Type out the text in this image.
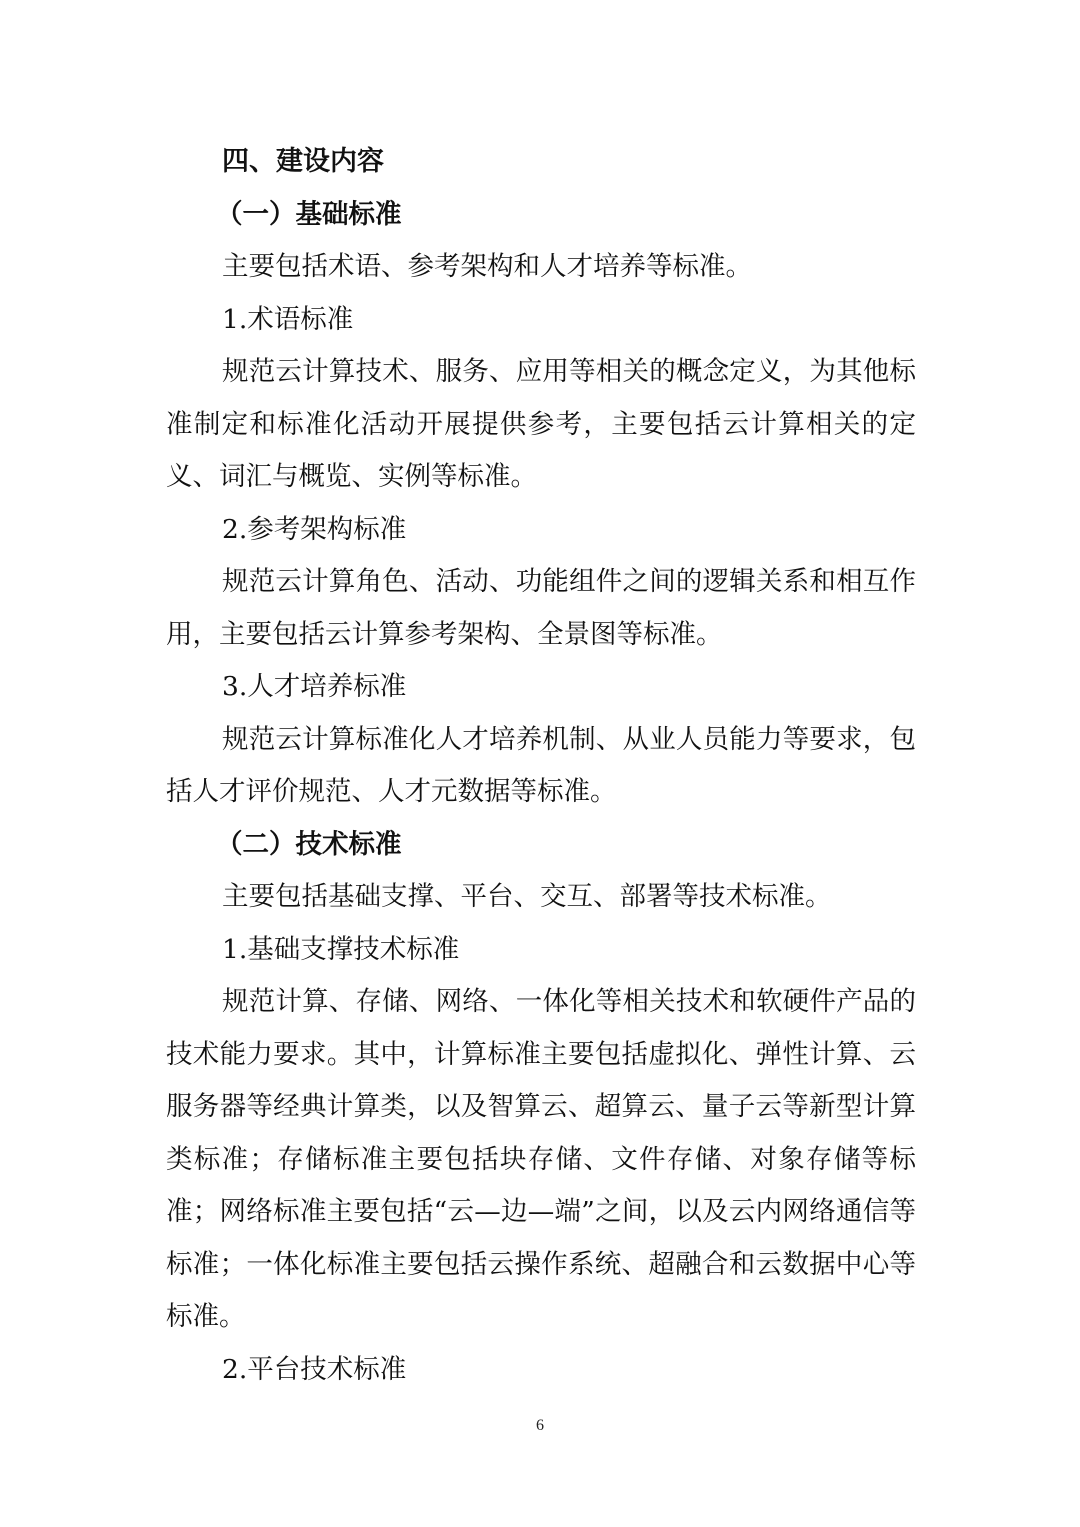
四、建设内容

（一）基础标准

主要包括术语、参考架构和人才培养等标准。

1.术语标准

规范云计算技术、服务、应用等相关的概念定义，为其他标准制定和标准化活动开展提供参考，主要包括云计算相关的定义、词汇与概览、实例等标准。

2.参考架构标准

规范云计算角色、活动、功能组件之间的逻辑关系和相互作用，主要包括云计算参考架构、全景图等标准。

3.人才培养标准

规范云计算标准化人才培养机制、从业人员能力等要求，包括人才评价规范、人才元数据等标准。

（二）技术标准

主要包括基础支撑、平台、交互、部署等技术标准。

1.基础支撑技术标准

规范计算、存储、网络、一体化等相关技术和软硬件产品的技术能力要求。其中，计算标准主要包括虚拟化、弹性计算、云服务器等经典计算类，以及智算云、超算云、量子云等新型计算类标准；存储标准主要包括块存储、文件存储、对象存储等标准；网络标准主要包括“云—边—端”之间，以及云内网络通信等标准；一体化标准主要包括云操作系统、超融合和云数据中心等标准。

2.平台技术标准

6
